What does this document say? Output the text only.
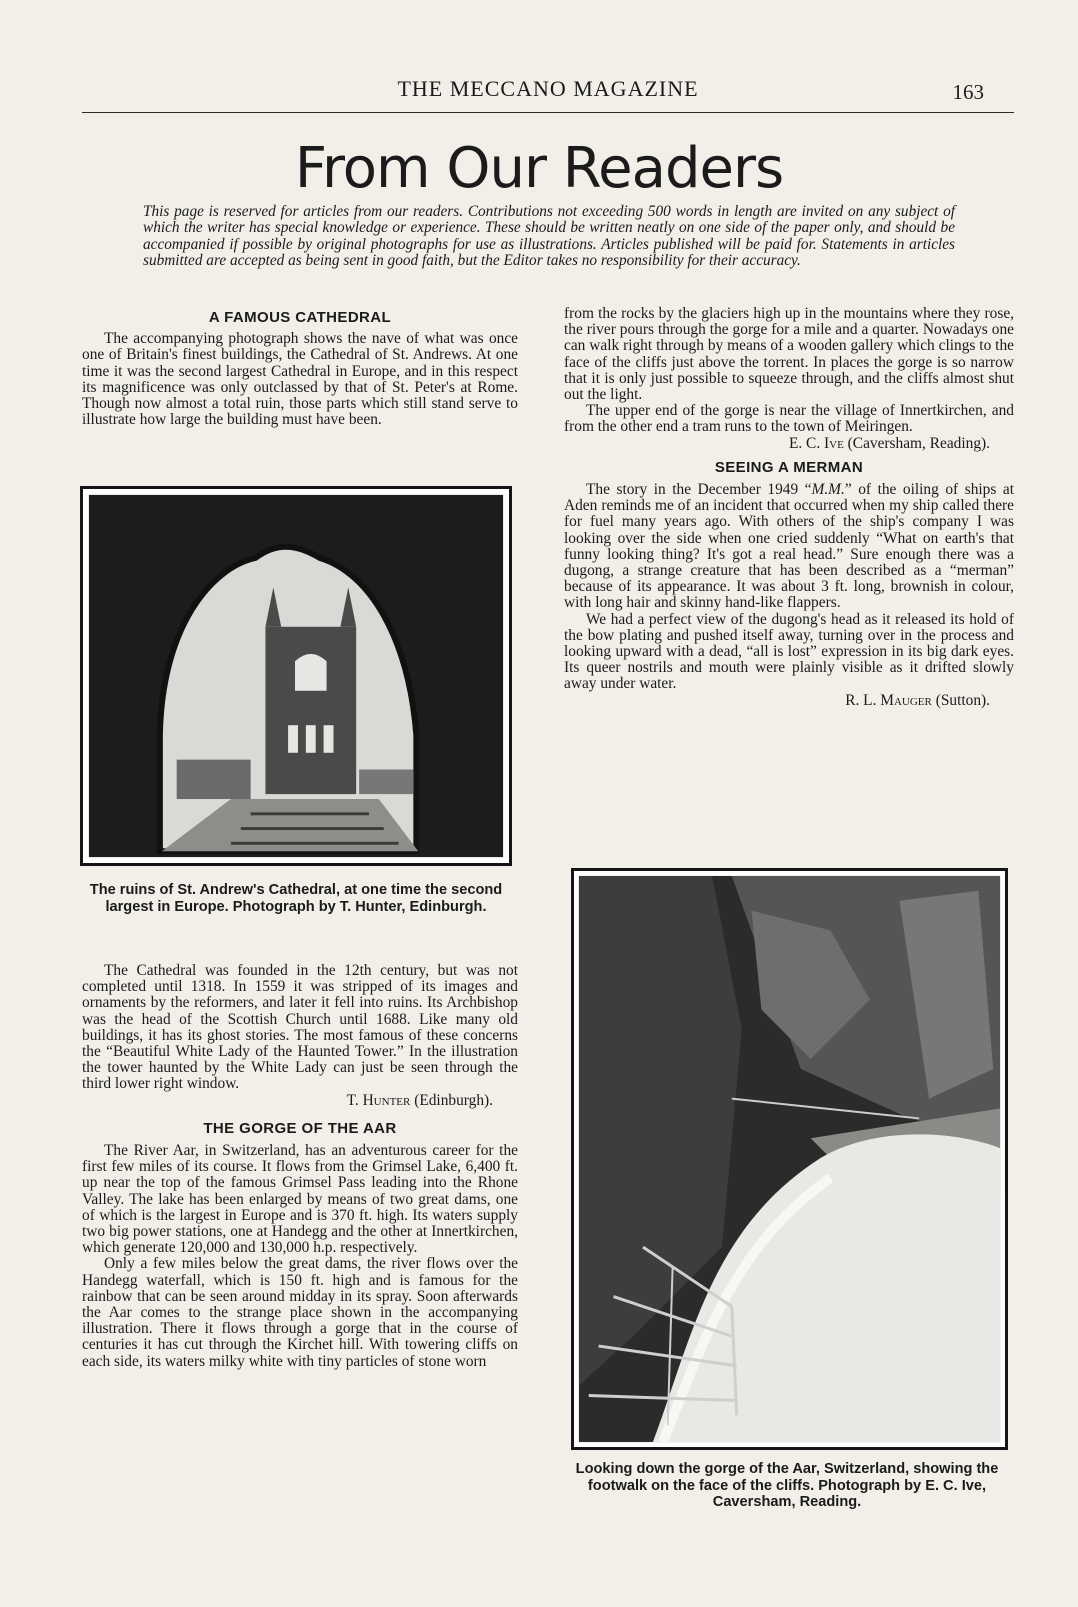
THE MECCANO MAGAZINE	163
From Our Readers
This page is reserved for articles from our readers. Contributions not exceeding 500 words in length are invited on any subject of which the writer has special knowledge or experience. These should be written neatly on one side of the paper only, and should be accompanied if possible by original photographs for use as illustrations. Articles published will be paid for. Statements in articles submitted are accepted as being sent in good faith, but the Editor takes no responsibility for their accuracy.

A FAMOUS CATHEDRAL

The accompanying photograph shows the nave of what was once one of Britain's finest buildings, the Cathedral of St. Andrews. At one time it was the second largest Cathedral in Europe, and in this respect its magnificence was only outclassed by that of St. Peter's at Rome. Though now almost a total ruin, those parts which still stand serve to illustrate how large the building must have been.

The ruins of St. Andrew's Cathedral, at one time the second largest in Europe. Photograph by T. Hunter, Edinburgh.

The Cathedral was founded in the 12th century, but was not completed until 1318. In 1559 it was stripped of its images and ornaments by the reformers, and later it fell into ruins. Its Archbishop was the head of the Scottish Church until 1688. Like many old buildings, it has its ghost stories. The most famous of these concerns the “Beautiful White Lady of the Haunted Tower.” In the illustration the tower haunted by the White Lady can just be seen through the third lower right window.

T. Hunter (Edinburgh).

THE GORGE OF THE AAR

The River Aar, in Switzerland, has an adventurous career for the first few miles of its course. It flows from the Grimsel Lake, 6,400 ft. up near the top of the famous Grimsel Pass leading into the Rhone Valley. The lake has been enlarged by means of two great dams, one of which is the largest in Europe and is 370 ft. high. Its waters supply two big power stations, one at Handegg and the other at Innertkirchen, which generate 120,000 and 130,000 h.p. respectively.

Only a few miles below the great dams, the river flows over the Handegg waterfall, which is 150 ft. high and is famous for the rainbow that can be seen around midday in its spray. Soon afterwards the Aar comes to the strange place shown in the accompanying illustration. There it flows through a gorge that in the course of centuries it has cut through the Kirchet hill. With towering cliffs on each side, its waters milky white with tiny particles of stone worn

from the rocks by the glaciers high up in the mountains where they rose, the river pours through the gorge for a mile and a quarter. Nowadays one can walk right through by means of a wooden gallery which clings to the face of the cliffs just above the torrent. In places the gorge is so narrow that it is only just possible to squeeze through, and the cliffs almost shut out the light.

The upper end of the gorge is near the village of Innertkirchen, and from the other end a tram runs to the town of Meiringen.

E. C. Ive (Caversham, Reading).

SEEING A MERMAN

The story in the December 1949 “M.M.” of the oiling of ships at Aden reminds me of an incident that occurred when my ship called there for fuel many years ago. With others of the ship's company I was looking over the side when one cried suddenly “What on earth's that funny looking thing? It's got a real head.” Sure enough there was a dugong, a strange creature that has been described as a “merman” because of its appearance. It was about 3 ft. long, brownish in colour, with long hair and skinny hand-like flappers.

We had a perfect view of the dugong's head as it released its hold of the bow plating and pushed itself away, turning over in the process and looking upward with a dead, “all is lost” expression in its big dark eyes. Its queer nostrils and mouth were plainly visible as it drifted slowly away under water.

R. L. Mauger (Sutton).

Looking down the gorge of the Aar, Switzerland, showing the footwalk on the face of the cliffs. Photograph by E. C. Ive, Caversham, Reading.
